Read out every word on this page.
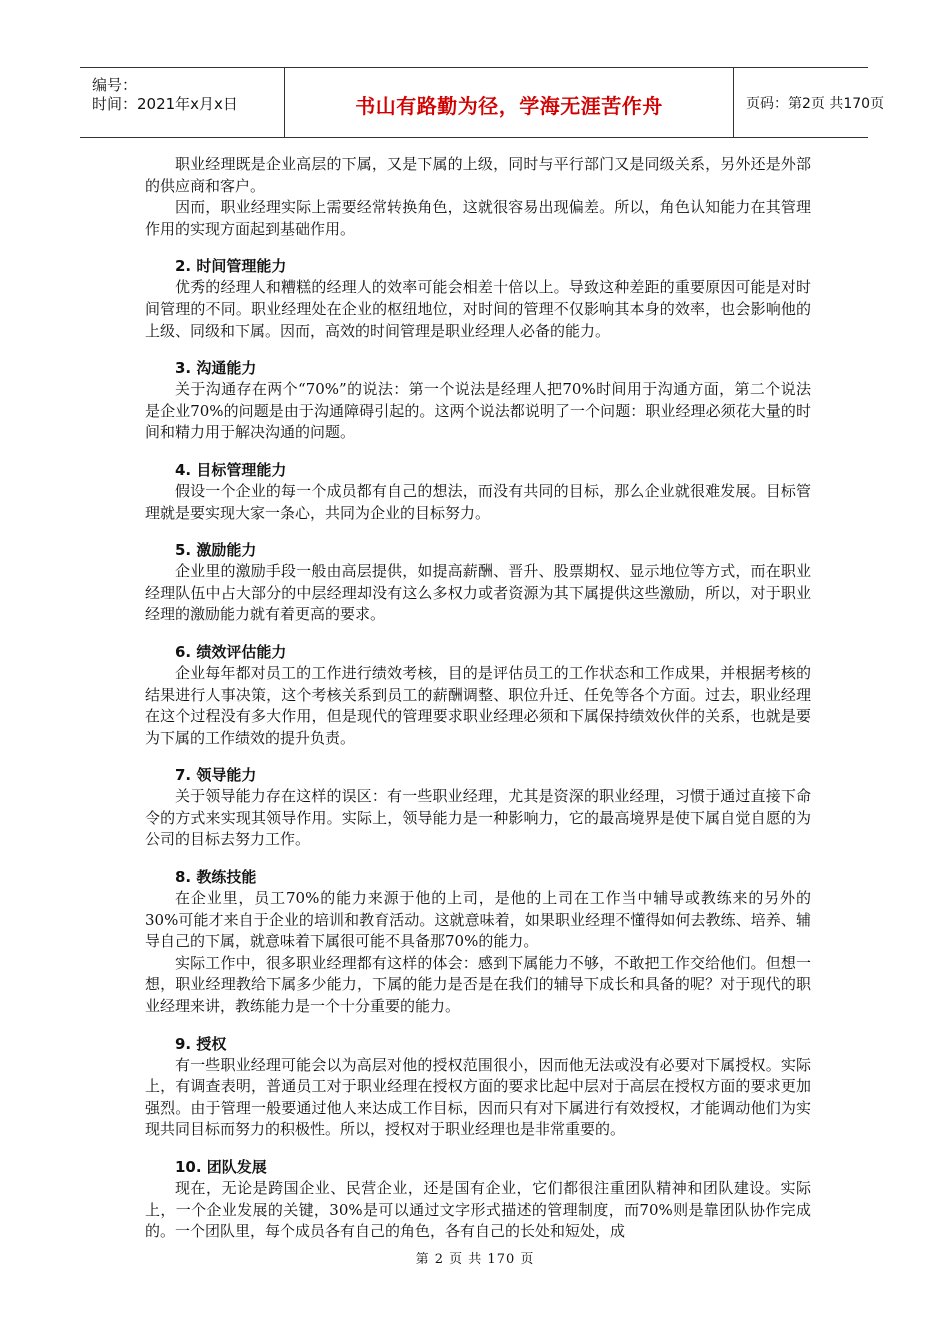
编号：
时间：2021年x月x日	书山有路勤为径，学海无涯苦作舟	页码：第2页 共170页

职业经理既是企业高层的下属，又是下属的上级，同时与平行部门又是同级关系，另外还是外部的供应商和客户。

因而，职业经理实际上需要经常转换角色，这就很容易出现偏差。所以，角色认知能力在其管理作用的实现方面起到基础作用。

2. 时间管理能力

优秀的经理人和糟糕的经理人的效率可能会相差十倍以上。导致这种差距的重要原因可能是对时间管理的不同。职业经理处在企业的枢纽地位，对时间的管理不仅影响其本身的效率，也会影响他的上级、同级和下属。因而，高效的时间管理是职业经理人必备的能力。

3. 沟通能力

关于沟通存在两个“70%”的说法：第一个说法是经理人把70%时间用于沟通方面，第二个说法是企业70%的问题是由于沟通障碍引起的。这两个说法都说明了一个问题：职业经理必须花大量的时间和精力用于解决沟通的问题。

4. 目标管理能力

假设一个企业的每一个成员都有自己的想法，而没有共同的目标，那么企业就很难发展。目标管理就是要实现大家一条心，共同为企业的目标努力。

5. 激励能力

企业里的激励手段一般由高层提供，如提高薪酬、晋升、股票期权、显示地位等方式，而在职业经理队伍中占大部分的中层经理却没有这么多权力或者资源为其下属提供这些激励，所以，对于职业经理的激励能力就有着更高的要求。

6. 绩效评估能力

企业每年都对员工的工作进行绩效考核，目的是评估员工的工作状态和工作成果，并根据考核的结果进行人事决策，这个考核关系到员工的薪酬调整、职位升迁、任免等各个方面。过去，职业经理在这个过程没有多大作用，但是现代的管理要求职业经理必须和下属保持绩效伙伴的关系，也就是要为下属的工作绩效的提升负责。

7. 领导能力

关于领导能力存在这样的误区：有一些职业经理，尤其是资深的职业经理，习惯于通过直接下命令的方式来实现其领导作用。实际上，领导能力是一种影响力，它的最高境界是使下属自觉自愿的为公司的目标去努力工作。

8. 教练技能

在企业里，员工70%的能力来源于他的上司，是他的上司在工作当中辅导或教练来的另外的30%可能才来自于企业的培训和教育活动。这就意味着，如果职业经理不懂得如何去教练、培养、辅导自己的下属，就意味着下属很可能不具备那70%的能力。

实际工作中，很多职业经理都有这样的体会：感到下属能力不够，不敢把工作交给他们。但想一想，职业经理教给下属多少能力，下属的能力是否是在我们的辅导下成长和具备的呢？对于现代的职业经理来讲，教练能力是一个十分重要的能力。

9. 授权

有一些职业经理可能会以为高层对他的授权范围很小，因而他无法或没有必要对下属授权。实际上，有调查表明，普通员工对于职业经理在授权方面的要求比起中层对于高层在授权方面的要求更加强烈。由于管理一般要通过他人来达成工作目标，因而只有对下属进行有效授权，才能调动他们为实现共同目标而努力的积极性。所以，授权对于职业经理也是非常重要的。

10. 团队发展

现在，无论是跨国企业、民营企业，还是国有企业，它们都很注重团队精神和团队建设。实际上，一个企业发展的关键，30%是可以通过文字形式描述的管理制度，而70%则是靠团队协作完成的。一个团队里，每个成员各有自己的角色，各有自己的长处和短处，成

第 2 页 共 170 页
